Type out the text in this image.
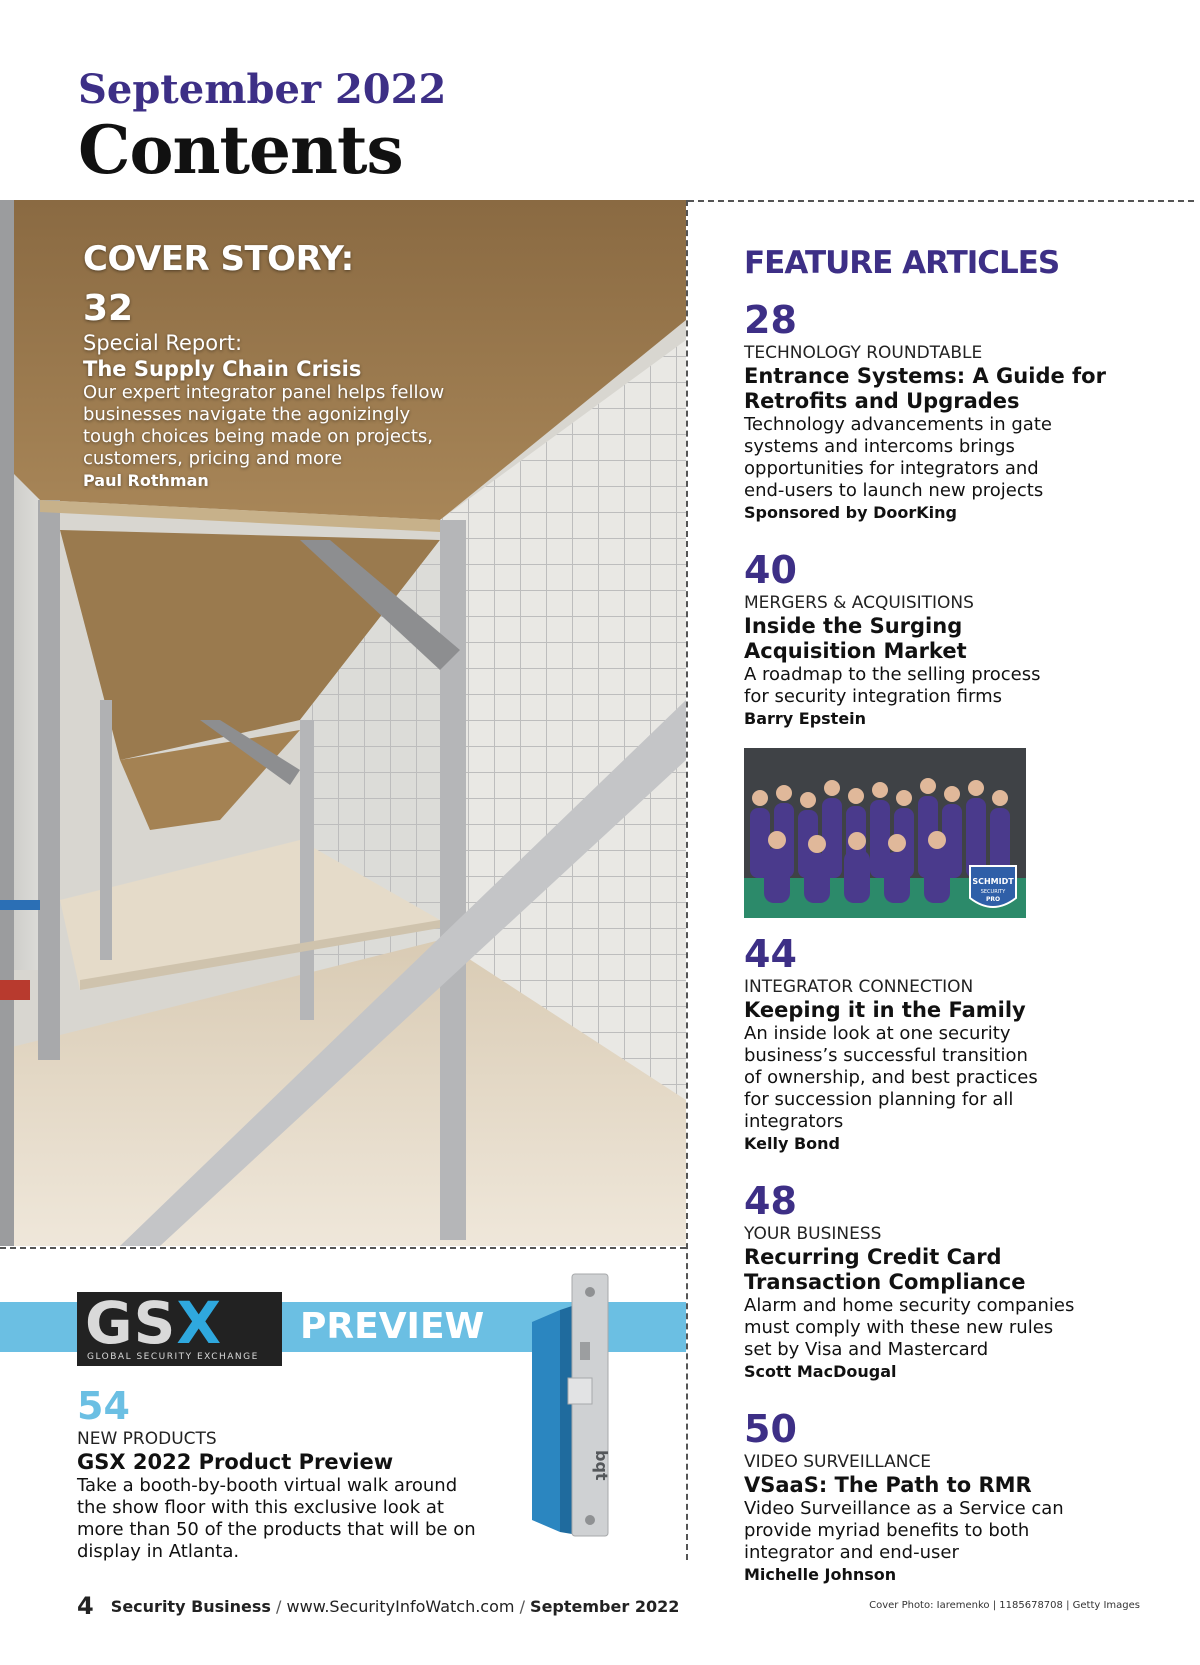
September 2022
Contents
COVER STORY:
32
Special Report:
The Supply Chain Crisis
Our expert integrator panel helps fellow
businesses navigate the agonizingly
tough choices being made on projects,
customers, pricing and more
Paul Rothman
GSX
GLOBAL SECURITY EXCHANGE
PREVIEW
bqt
54
NEW PRODUCTS
GSX 2022 Product Preview
Take a booth-by-booth virtual walk around
the show floor with this exclusive look at
more than 50 of the products that will be on
display in Atlanta.
FEATURE ARTICLES
28
TECHNOLOGY ROUNDTABLE
Entrance Systems: A Guide for
Retrofits and Upgrades
Technology advancements in gate
systems and intercoms brings
opportunities for integrators and
end-users to launch new projects
Sponsored by DoorKing
40
MERGERS & ACQUISITIONS
Inside the Surging
Acquisition Market
A roadmap to the selling process
for security integration firms
Barry Epstein
SCHMIDT
SECURITY
PRO
44
INTEGRATOR CONNECTION
Keeping it in the Family
An inside look at one security
business’s successful transition
of ownership, and best practices
for succession planning for all
integrators
Kelly Bond
48
YOUR BUSINESS
Recurring Credit Card
Transaction Compliance
Alarm and home security companies
must comply with these new rules
set by Visa and Mastercard
Scott MacDougal
50
VIDEO SURVEILLANCE
VSaaS: The Path to RMR
Video Surveillance as a Service can
provide myriad benefits to both
integrator and end-user
Michelle Johnson
4 Security Business / www.SecurityInfoWatch.com / September 2022	Cover Photo: Iaremenko | 1185678708 | Getty Images
